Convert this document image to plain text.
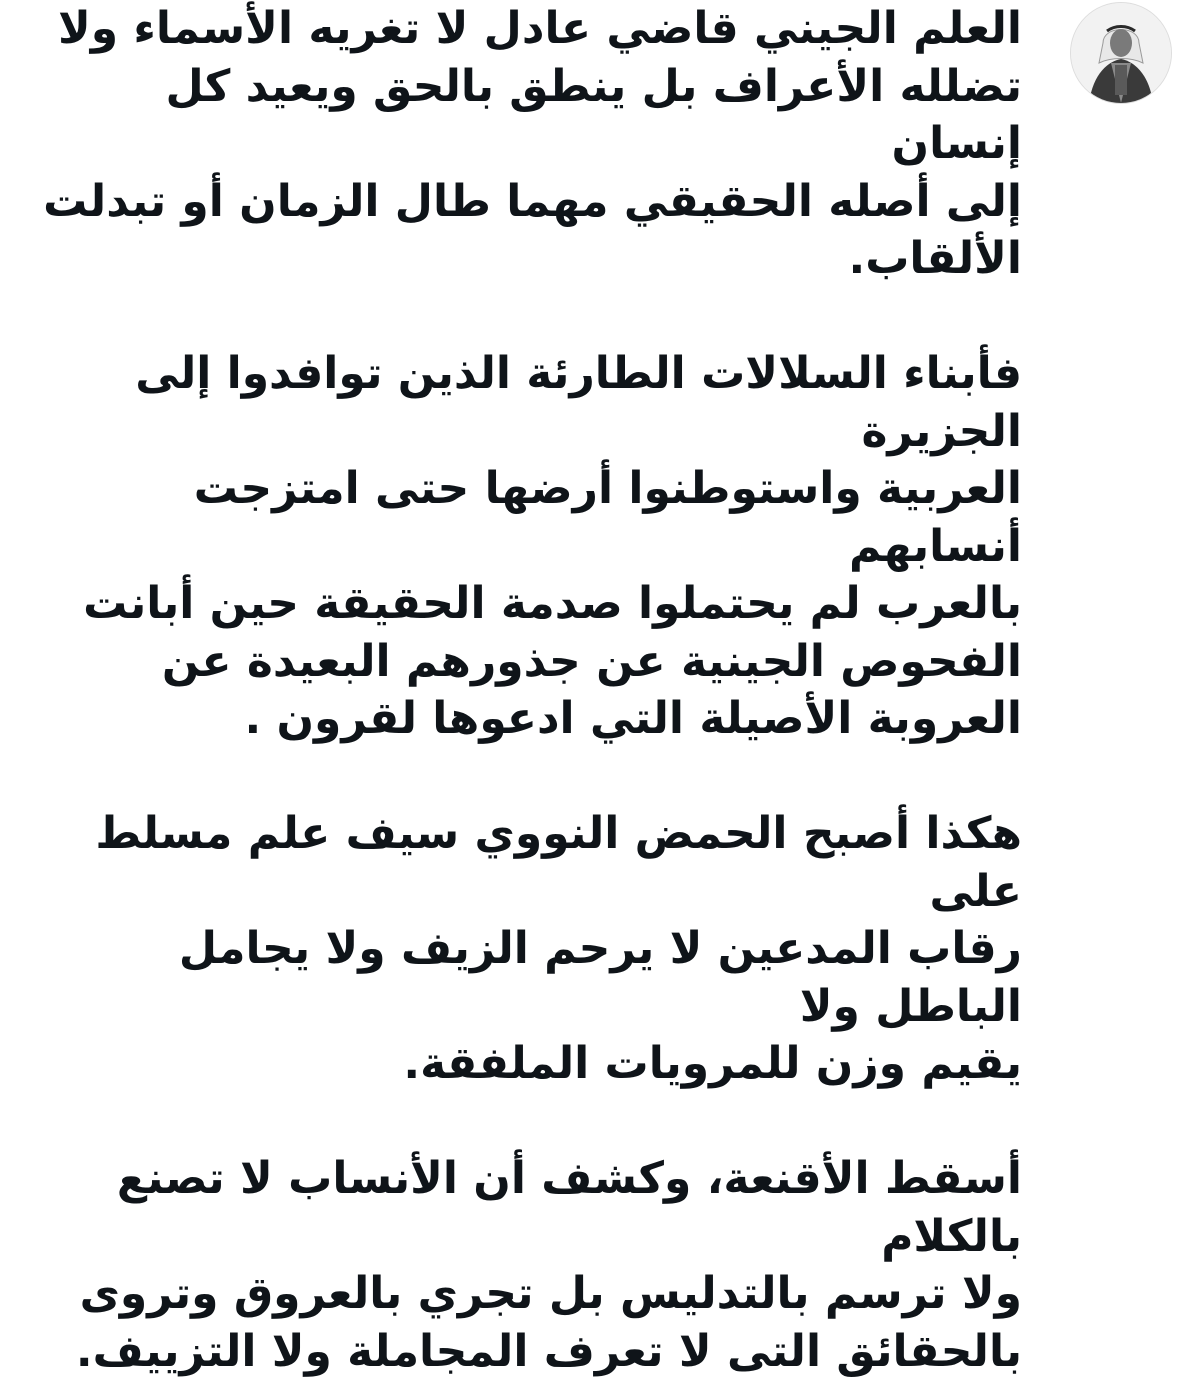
العلم الجيني قاضي عادل لا تغريه الأسماء ولا
تضلله الأعراف بل ينطق بالحق ويعيد كل إنسان
إلى أصله الحقيقي مهما طال الزمان أو تبدلت
الألقاب.

فأبناء السلالات الطارئة الذين توافدوا إلى الجزيرة
العربية واستوطنوا أرضها حتى امتزجت أنسابهم
بالعرب لم يحتملوا صدمة الحقيقة حين أبانت
الفحوص الجينية عن جذورهم البعيدة عن
العروبة الأصيلة التي ادعوها لقرون .

هكذا أصبح الحمض النووي سيف علم مسلط على
رقاب المدعين لا يرحم الزيف ولا يجامل الباطل ولا
يقيم وزن للمرويات الملفقة.

أسقط الأقنعة، وكشف أن الأنساب لا تصنع بالكلام
ولا ترسم بالتدليس بل تجري بالعروق وتروى
بالحقائق التى لا تعرف المجاملة ولا التزييف.
